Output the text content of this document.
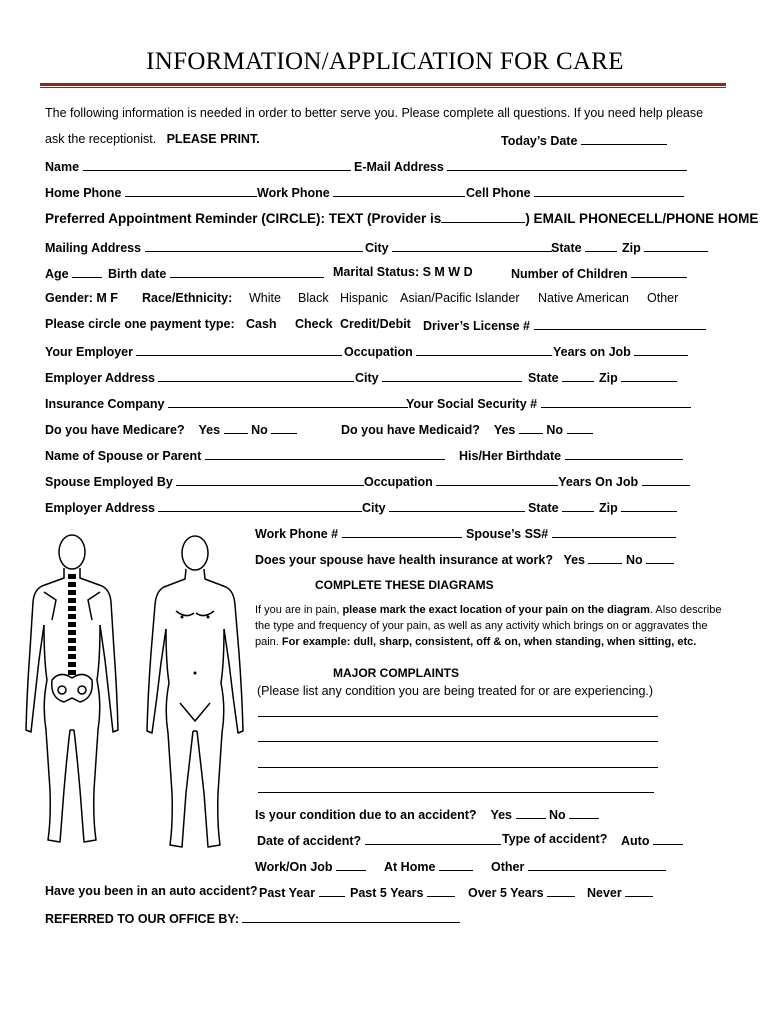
INFORMATION/APPLICATION FOR CARE
The following information is needed in order to better serve you. Please complete all questions. If you need help please
ask the receptionist. PLEASE PRINT.	Today’s Date
Name	E-Mail Address
Home Phone	Work Phone	Cell Phone
Preferred Appointment Reminder (CIRCLE): TEXT (Provider is	) EMAIL PHONECELL/PHONE HOME
Mailing Address	City	State	Zip
Age	Birth date	Marital Status: S M W D	Number of Children
Gender: M F Race/Ethnicity: White Black Hispanic Asian/Pacific Islander Native American Other
Please circle one payment type: Cash Check Credit/Debit Driver’s License #
Your Employer	Occupation	Years on Job
Employer Address	City	State	Zip
Insurance Company	Your Social Security #
Do you have Medicare? Yes No	Do you have Medicaid? Yes No
Name of Spouse or Parent	His/Her Birthdate
Spouse Employed By	Occupation	Years On Job
Employer Address	City	State	Zip
Work Phone #	Spouse’s SS#
Does your spouse have health insurance at work? Yes	No
COMPLETE THESE DIAGRAMS
If you are in pain, please mark the exact location of your pain on the diagram. Also describe the type and frequency of your pain, as well as any activity which brings on or aggravates the pain. For example: dull, sharp, consistent, off & on, when standing, when sitting, etc.
MAJOR COMPLAINTS
(Please list any condition you are being treated for or are experiencing.)
Is your condition due to an accident? Yes	No
Date of accident?	Type of accident? Auto
Work/On Job	At Home	Other
Have you been in an auto accident? Past Year	Past 5 Years	Over 5 Years	Never
REFERRED TO OUR OFFICE BY:
